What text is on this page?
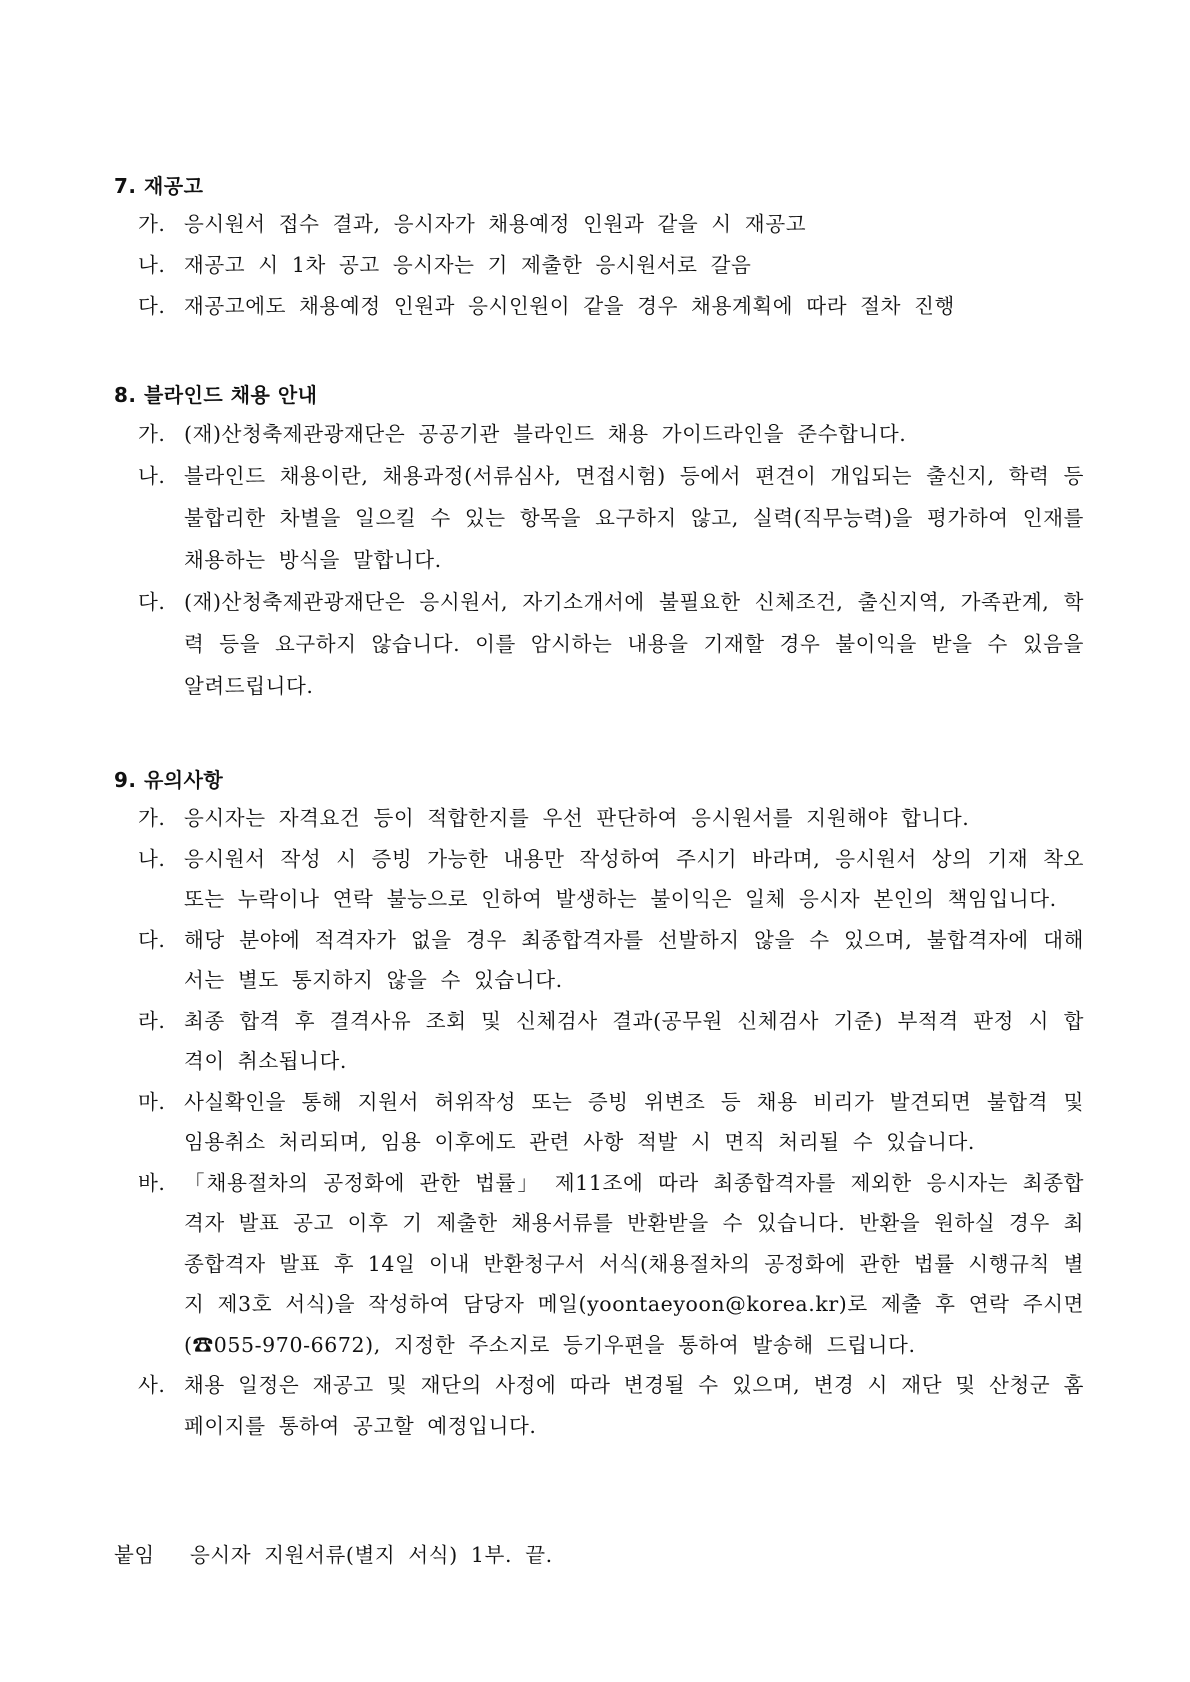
7. 재공고
가. 응시원서 접수 결과, 응시자가 채용예정 인원과 같을 시 재공고
나. 재공고 시 1차 공고 응시자는 기 제출한 응시원서로 갈음
다. 재공고에도 채용예정 인원과 응시인원이 같을 경우 채용계획에 따라 절차 진행
8. 블라인드 채용 안내
가. (재)산청축제관광재단은 공공기관 블라인드 채용 가이드라인을 준수합니다.
나. 블라인드 채용이란, 채용과정(서류심사, 면접시험) 등에서 편견이 개입되는 출신지, 학력 등 불합리한 차별을 일으킬 수 있는 항목을 요구하지 않고, 실력(직무능력)을 평가하여 인재를 채용하는 방식을 말합니다.
다. (재)산청축제관광재단은 응시원서, 자기소개서에 불필요한 신체조건, 출신지역, 가족관계, 학력 등을 요구하지 않습니다. 이를 암시하는 내용을 기재할 경우 불이익을 받을 수 있음을 알려드립니다.
9. 유의사항
가. 응시자는 자격요건 등이 적합한지를 우선 판단하여 응시원서를 지원해야 합니다.
나. 응시원서 작성 시 증빙 가능한 내용만 작성하여 주시기 바라며, 응시원서 상의 기재 착오 또는 누락이나 연락 불능으로 인하여 발생하는 불이익은 일체 응시자 본인의 책임입니다.
다. 해당 분야에 적격자가 없을 경우 최종합격자를 선발하지 않을 수 있으며, 불합격자에 대해서는 별도 통지하지 않을 수 있습니다.
라. 최종 합격 후 결격사유 조회 및 신체검사 결과(공무원 신체검사 기준) 부적격 판정 시 합격이 취소됩니다.
마. 사실확인을 통해 지원서 허위작성 또는 증빙 위변조 등 채용 비리가 발견되면 불합격 및 임용취소 처리되며, 임용 이후에도 관련 사항 적발 시 면직 처리될 수 있습니다.
바. 「채용절차의 공정화에 관한 법률」 제11조에 따라 최종합격자를 제외한 응시자는 최종합격자 발표 공고 이후 기 제출한 채용서류를 반환받을 수 있습니다. 반환을 원하실 경우 최종합격자 발표 후 14일 이내 반환청구서 서식(채용절차의 공정화에 관한 법률 시행규칙 별지 제3호 서식)을 작성하여 담당자 메일(yoontaeyoon@korea.kr)로 제출 후 연락 주시면(☎055-970-6672), 지정한 주소지로 등기우편을 통하여 발송해 드립니다.
사. 채용 일정은 재공고 및 재단의 사정에 따라 변경될 수 있으며, 변경 시 재단 및 산청군 홈페이지를 통하여 공고할 예정입니다.
붙임 응시자 지원서류(별지 서식) 1부. 끝.
